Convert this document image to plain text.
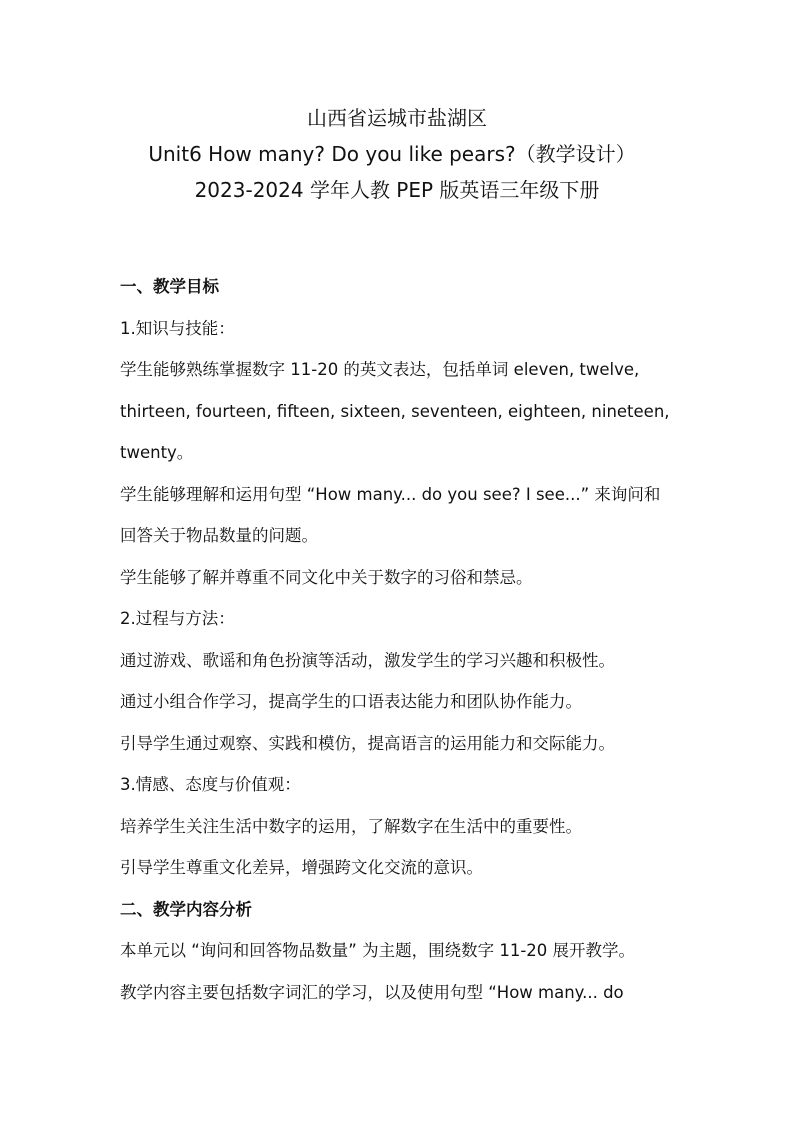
山西省运城市盐湖区
Unit6 How many? Do you like pears?（教学设计）
2023-2024 学年人教 PEP 版英语三年级下册
一、教学目标
1.知识与技能：
学生能够熟练掌握数字 11-20 的英文表达，包括单词 eleven, twelve,
thirteen, fourteen, fifteen, sixteen, seventeen, eighteen, nineteen,
twenty。
学生能够理解和运用句型 “How many... do you see? I see...” 来询问和
回答关于物品数量的问题。
学生能够了解并尊重不同文化中关于数字的习俗和禁忌。
2.过程与方法：
通过游戏、歌谣和角色扮演等活动，激发学生的学习兴趣和积极性。
通过小组合作学习，提高学生的口语表达能力和团队协作能力。
引导学生通过观察、实践和模仿，提高语言的运用能力和交际能力。
3.情感、态度与价值观：
培养学生关注生活中数字的运用，了解数字在生活中的重要性。
引导学生尊重文化差异，增强跨文化交流的意识。
二、教学内容分析
本单元以 “询问和回答物品数量” 为主题，围绕数字 11-20 展开教学。
教学内容主要包括数字词汇的学习，以及使用句型 “How many... do
